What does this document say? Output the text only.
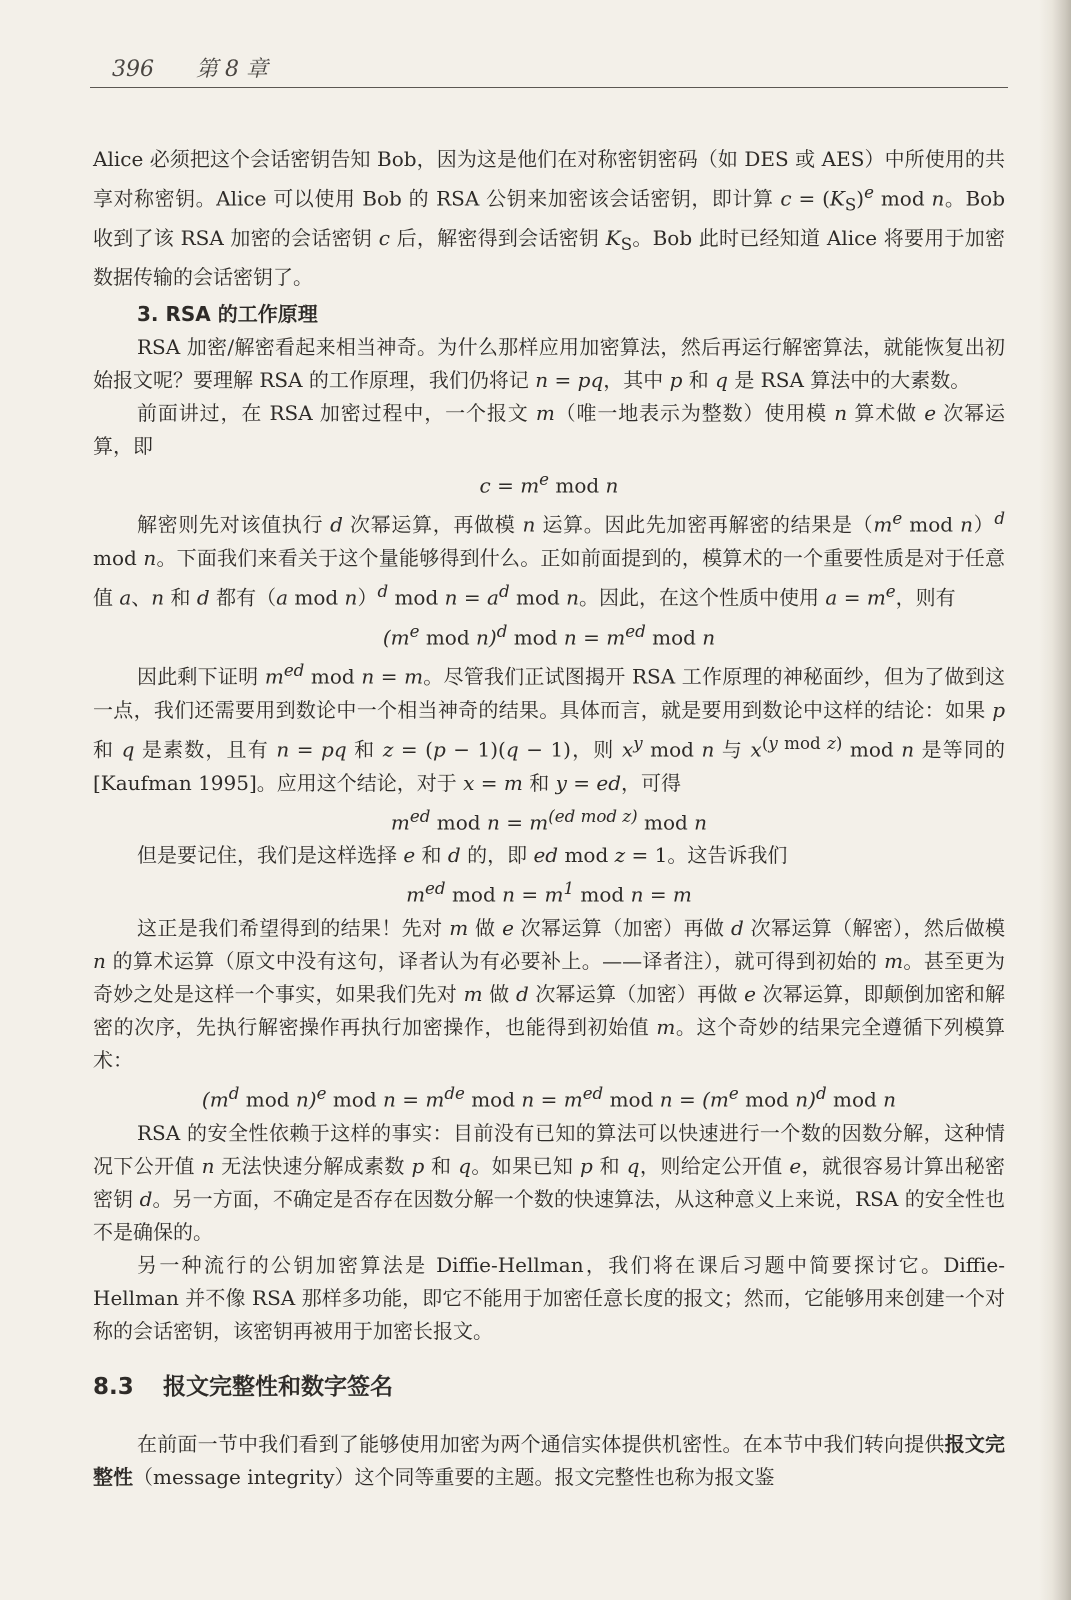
396 第 8 章

Alice 必须把这个会话密钥告知 Bob，因为这是他们在对称密钥密码（如 DES 或 AES）中所使用的共享对称密钥。Alice 可以使用 Bob 的 RSA 公钥来加密该会话密钥，即计算 $c = (K_S)^e$ mod n。Bob 收到了该 RSA 加密的会话密钥 c 后，解密得到会话密钥 $K_S$。Bob 此时已经知道 Alice 将要用于加密数据传输的会话密钥了。

3. RSA 的工作原理

RSA 加密/解密看起来相当神奇。为什么那样应用加密算法，然后再运行解密算法，就能恢复出初始报文呢？要理解 RSA 的工作原理，我们仍将记 n = pq，其中 p 和 q 是 RSA 算法中的大素数。

前面讲过，在 RSA 加密过程中，一个报文 m（唯一地表示为整数）使用模 n 算术做 e 次幂运算，即

$c = m^e$ mod n

解密则先对该值执行 d 次幂运算，再做模 n 运算。因此先加密再解密的结果是（$m^e$ mod n）$^d$ mod n。下面我们来看关于这个量能够得到什么。正如前面提到的，模算术的一个重要性质是对于任意值 a、n 和 d 都有（a mod n）$^d$ mod $n = a^d$ mod n。因此，在这个性质中使用 $a = m^e$，则有

($m^e$ mod n)$^d$ mod $n = m^{ed}$ mod n

因此剩下证明 $m^{ed}$ mod n = m。尽管我们正试图揭开 RSA 工作原理的神秘面纱，但为了做到这一点，我们还需要用到数论中一个相当神奇的结果。具体而言，就是要用到数论中这样的结论：如果 p 和 q 是素数，且有 n = pq 和 z = (p − 1)(q − 1)，则 $x^y$ mod n 与 $x^{(y mod z)}$ mod n 是等同的 [Kaufman 1995]。应用这个结论，对于 x = m 和 y = ed，可得

$m^{ed}$ mod $n = m^{(ed mod z)}$ mod n

但是要记住，我们是这样选择 e 和 d 的，即 ed mod z = 1。这告诉我们

$m^{ed}$ mod $n = m^1$ mod n = m

这正是我们希望得到的结果！先对 m 做 e 次幂运算（加密）再做 d 次幂运算（解密），然后做模 n 的算术运算（原文中没有这句，译者认为有必要补上。——译者注），就可得到初始的 m。甚至更为奇妙之处是这样一个事实，如果我们先对 m 做 d 次幂运算（加密）再做 e 次幂运算，即颠倒加密和解密的次序，先执行解密操作再执行加密操作，也能得到初始值 m。这个奇妙的结果完全遵循下列模算术：

($m^d$ mod n)$^e$ mod $n = m^{de}$ mod $n = m^{ed}$ mod $n = (m^e$ mod n)$^d$ mod n

RSA 的安全性依赖于这样的事实：目前没有已知的算法可以快速进行一个数的因数分解，这种情况下公开值 n 无法快速分解成素数 p 和 q。如果已知 p 和 q，则给定公开值 e，就很容易计算出秘密密钥 d。另一方面，不确定是否存在因数分解一个数的快速算法，从这种意义上来说，RSA 的安全性也不是确保的。

另一种流行的公钥加密算法是 Diffie-Hellman，我们将在课后习题中简要探讨它。Diffie-Hellman 并不像 RSA 那样多功能，即它不能用于加密任意长度的报文；然而，它能够用来创建一个对称的会话密钥，该密钥再被用于加密长报文。

8.3 报文完整性和数字签名

在前面一节中我们看到了能够使用加密为两个通信实体提供机密性。在本节中我们转向提供报文完整性（message integrity）这个同等重要的主题。报文完整性也称为报文鉴
